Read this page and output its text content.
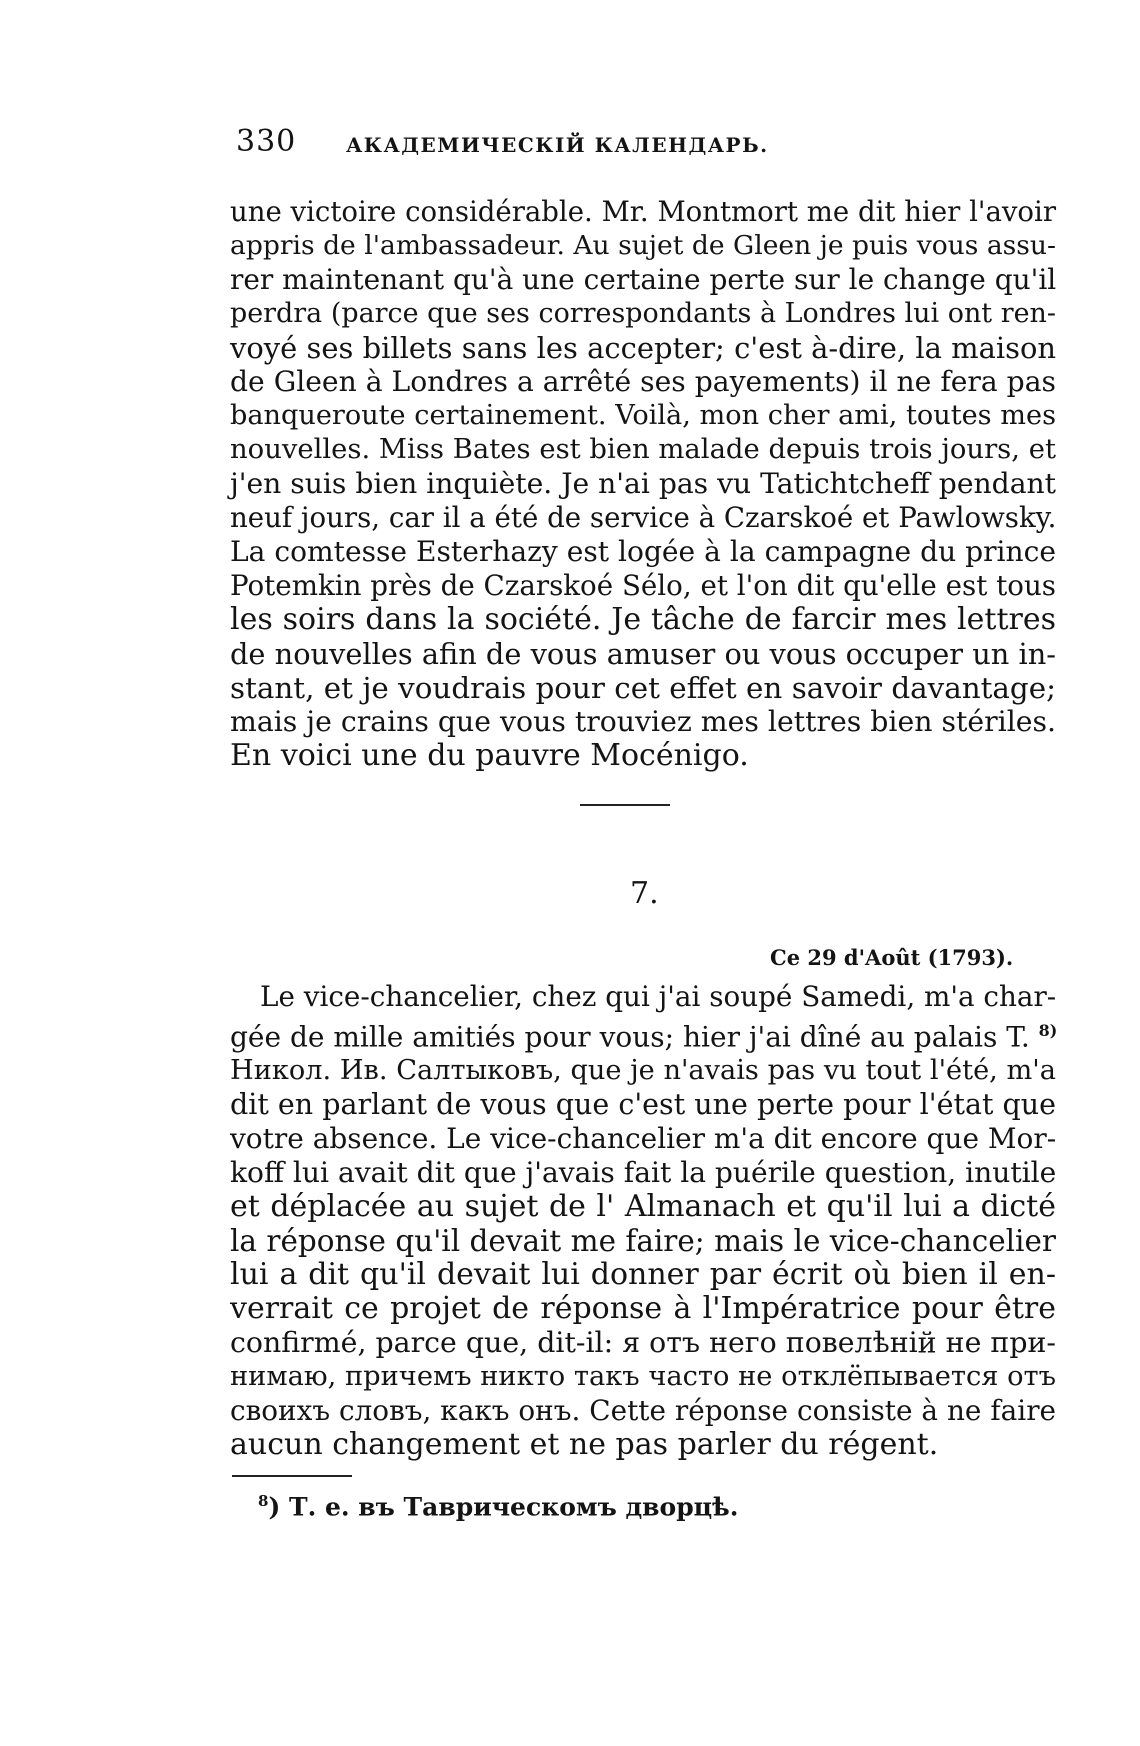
330 АКАДЕМИЧЕСКІЙ КАЛЕНДАРЬ.
une victoire considérable. Mr. Montmort me dit hier l'avoir
appris de l'ambassadeur. Au sujet de Gleen je puis vous assu-
rer maintenant qu'à une certaine perte sur le change qu'il
perdra (parce que ses correspondants à Londres lui ont ren-
voyé ses billets sans les accepter; c'est à-dire, la maison
de Gleen à Londres a arrêté ses payements) il ne fera pas
banqueroute certainement. Voilà, mon cher ami, toutes mes
nouvelles. Miss Bates est bien malade depuis trois jours, et
j'en suis bien inquiète. Je n'ai pas vu Tatichtcheff pendant
neuf jours, car il a été de service à Czarskoé et Pawlowsky.
La comtesse Esterhazy est logée à la campagne du prince
Potemkin près de Czarskoé Sélo, et l'on dit qu'elle est tous
les soirs dans la société. Je tâche de farcir mes lettres
de nouvelles afin de vous amuser ou vous occuper un in-
stant, et je voudrais pour cet effet en savoir davantage;
mais je crains que vous trouviez mes lettres bien stériles.
En voici une du pauvre Mocénigo.
7.
Ce 29 d'Août (1793).
Le vice-chancelier, chez qui j'ai soupé Samedi, m'a char-
gée de mille amitiés pour vous; hier j'ai dîné au palais T. $^{8)}$
Никол. Ив. Салтыковъ, que je n'avais pas vu tout l'été, m'a
dit en parlant de vous que c'est une perte pour l'état que
votre absence. Le vice-chancelier m'a dit encore que Mor-
koff lui avait dit que j'avais fait la puérile question, inutile
et déplacée au sujet de l' Almanach et qu'il lui a dicté
la réponse qu'il devait me faire; mais le vice-chancelier
lui a dit qu'il devait lui donner par écrit où bien il en-
verrait ce projet de réponse à l'Impératrice pour être
confirmé, parce que, dit-il: я отъ него повелѣній не при-
нимаю, причемъ никто такъ часто не отклёпывается отъ
своихъ словъ, какъ онъ. Cette réponse consiste à ne faire
aucun changement et ne pas parler du régent.
$^8$) Т. е. въ Таврическомъ дворцѣ.
